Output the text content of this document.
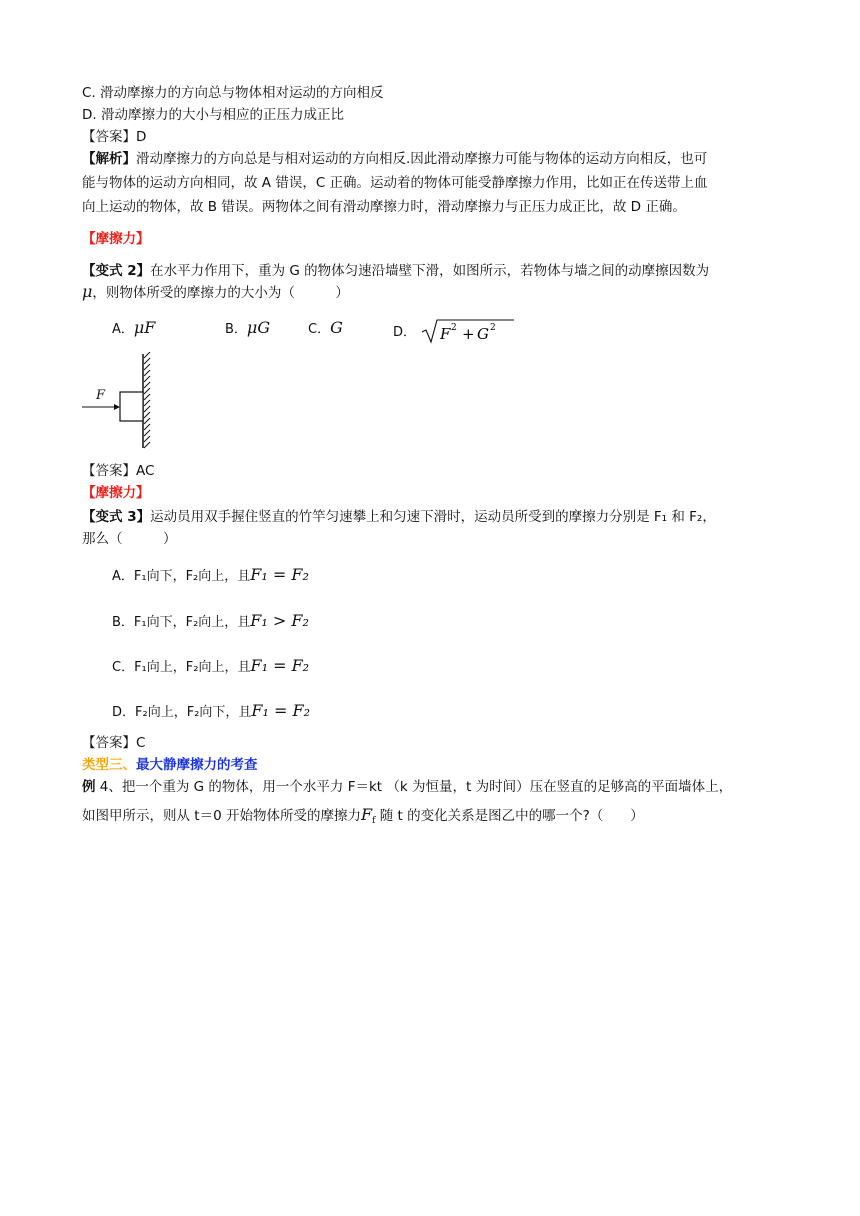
C. 滑动摩擦力的方向总与物体相对运动的方向相反
D. 滑动摩擦力的大小与相应的正压力成正比
【答案】D
【解析】滑动摩擦力的方向总是与相对运动的方向相反.因此滑动摩擦力可能与物体的运动方向相反，也可
能与物体的运动方向相同，故 A 错误，C 正确。运动着的物体可能受静摩擦力作用，比如正在传送带上血
向上运动的物体，故 B 错误。两物体之间有滑动摩擦力时，滑动摩擦力与正压力成正比，故 D 正确。
【摩擦力】
【变式 2】在水平力作用下，重为 G 的物体匀速沿墙壁下滑，如图所示，若物体与墙之间的动摩擦因数为
μ，则物体所受的摩擦力的大小为（　　　）
A．μF	B．μG	C．G	D． F 2 + G 2
F
【答案】AC
【摩擦力】
【变式 3】运动员用双手握住竖直的竹竿匀速攀上和匀速下滑时，运动员所受到的摩擦力分别是 F₁ 和 F₂，
那么（　　　）
A．F₁向下，F₂向上，且F₁ = F₂
B．F₁向下，F₂向上，且F₁ > F₂
C．F₁向上，F₂向上，且F₁ = F₂
D．F₂向上，F₂向下，且F₁ = F₂
【答案】C
类型三、最大静摩擦力的考查
例 4、把一个重为 G 的物体，用一个水平力 F＝kt （k 为恒量，t 为时间）压在竖直的足够高的平面墙体上，
如图甲所示，则从 t＝0 开始物体所受的摩擦力$F_f$ 随 t 的变化关系是图乙中的哪一个?（　　）
